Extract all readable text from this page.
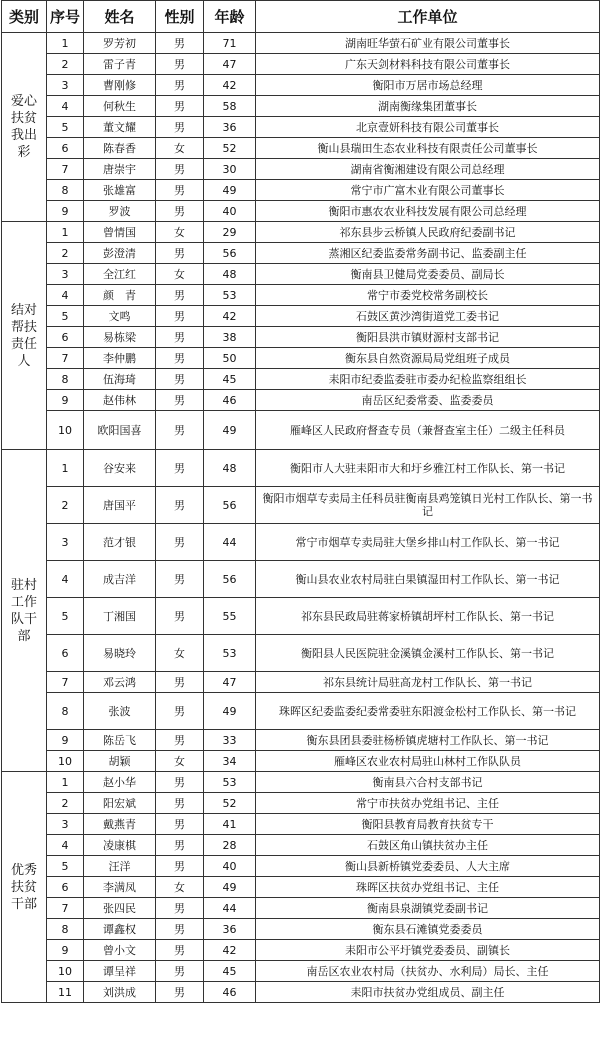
类别	序号	姓名	性别	年龄	工作单位
爱心扶贫我出彩	1	罗芳初	男	71	湖南旺华萤石矿业有限公司董事长
	2	雷子青	男	47	广东天剑材料科技有限公司董事长
	3	曹刚修	男	42	衡阳市万居市场总经理
	4	何秋生	男	58	湖南衡缘集团董事长
	5	董文耀	男	36	北京壹妍科技有限公司董事长
	6	陈春香	女	52	衡山县瑞田生态农业科技有限责任公司董事长
	7	唐崇宇	男	30	湖南省衡湘建设有限公司总经理
	8	张雄富	男	49	常宁市广富木业有限公司董事长
	9	罗波	男	40	衡阳市惠农农业科技发展有限公司总经理
结对帮扶责任人	1	曾情国	女	29	祁东县步云桥镇人民政府纪委副书记
	2	彭澄清	男	56	蒸湘区纪委监委常务副书记、监委副主任
	3	全江红	女	48	衡南县卫健局党委委员、副局长
	4	颜　青	男	53	常宁市委党校常务副校长
	5	文鸣	男	42	石鼓区黄沙湾街道党工委书记
	6	易栋梁	男	38	衡阳县洪市镇财源村支部书记
	7	李仲鹏	男	50	衡东县自然资源局局党组班子成员
	8	伍海琦	男	45	耒阳市纪委监委驻市委办纪检监察组组长
	9	赵伟林	男	46	南岳区纪委常委、监委委员
	10	欧阳国喜	男	49	雁峰区人民政府督查专员（兼督查室主任）二级主任科员
驻村工作队干部	1	谷安来	男	48	衡阳市人大驻耒阳市大和圩乡雅江村工作队长、第一书记
	2	唐国平	男	56	衡阳市烟草专卖局主任科员驻衡南县鸡笼镇日光村工作队长、第一书记
	3	范才银	男	44	常宁市烟草专卖局驻大堡乡排山村工作队长、第一书记
	4	成吉洋	男	56	衡山县农业农村局驻白果镇湿田村工作队长、第一书记
	5	丁湘国	男	55	祁东县民政局驻蒋家桥镇胡坪村工作队长、第一书记
	6	易晓玲	女	53	衡阳县人民医院驻金溪镇金溪村工作队长、第一书记
	7	邓云鸿	男	47	祁东县统计局驻高龙村工作队长、第一书记
	8	张波	男	49	珠晖区纪委监委纪委常委驻东阳渡金松村工作队长、第一书记
	9	陈岳飞	男	33	衡东县团县委驻杨桥镇虎塘村工作队长、第一书记
	10	胡颖	女	34	雁峰区农业农村局驻山林村工作队队员
优秀扶贫干部	1	赵小华	男	53	衡南县六合村支部书记
	2	阳宏斌	男	52	常宁市扶贫办党组书记、主任
	3	戴燕青	男	41	衡阳县教育局教育扶贫专干
	4	凌康棋	男	28	石鼓区角山镇扶贫办主任
	5	汪洋	男	40	衡山县新桥镇党委委员、人大主席
	6	李满凤	女	49	珠晖区扶贫办党组书记、主任
	7	张四民	男	44	衡南县泉湖镇党委副书记
	8	谭鑫权	男	36	衡东县石滩镇党委委员
	9	曾小文	男	42	耒阳市公平圩镇党委委员、副镇长
	10	谭呈祥	男	45	南岳区农业农村局（扶贫办、水利局）局长、主任
	11	刘洪成	男	46	耒阳市扶贫办党组成员、副主任
